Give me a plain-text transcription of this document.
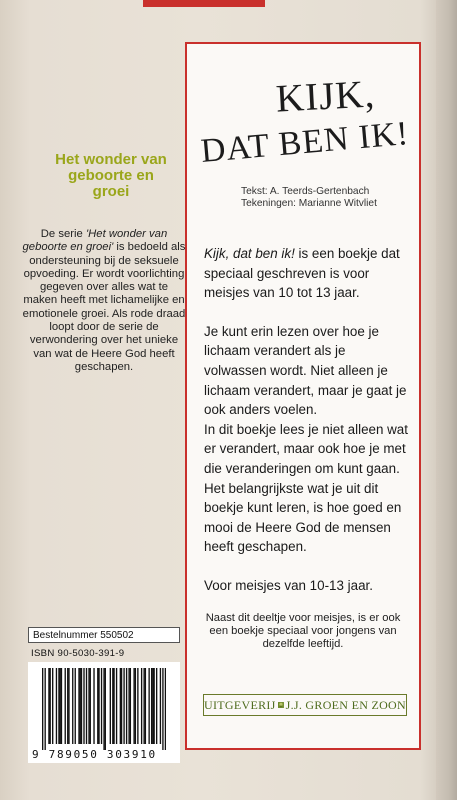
Het wonder van geboorte en groei
De serie 'Het wonder van geboorte en groei' is bedoeld als ondersteuning bij de seksuele opvoeding. Er wordt voorlichting gegeven over alles wat te maken heeft met lichamelijke en emotionele groei. Als rode draad loopt door de serie de verwondering over het unieke van wat de Heere God heeft geschapen.
Bestelnummer 550502
ISBN 90-5030-391-9
9 789050 303910
KIJK,
DAT BEN IK!
Tekst: A. Teerds-Gertenbach
Tekeningen: Marianne Witvliet

Kijk, dat ben ik! is een boekje dat speciaal geschreven is voor meisjes van 10 tot 13 jaar.

Je kunt erin lezen over hoe je lichaam verandert als je volwassen wordt. Niet alleen je lichaam verandert, maar je gaat je ook anders voelen.

In dit boekje lees je niet alleen wat er verandert, maar ook hoe je met die veranderingen om kunt gaan.

Het belangrijkste wat je uit dit boekje kunt leren, is hoe goed en mooi de Heere God de mensen heeft geschapen.

Voor meisjes van 10-13 jaar.

Naast dit deeltje voor meisjes, is er ook een boekje speciaal voor jongens van dezelfde leeftijd.
UITGEVERIJ J.J. GROEN EN ZOON
